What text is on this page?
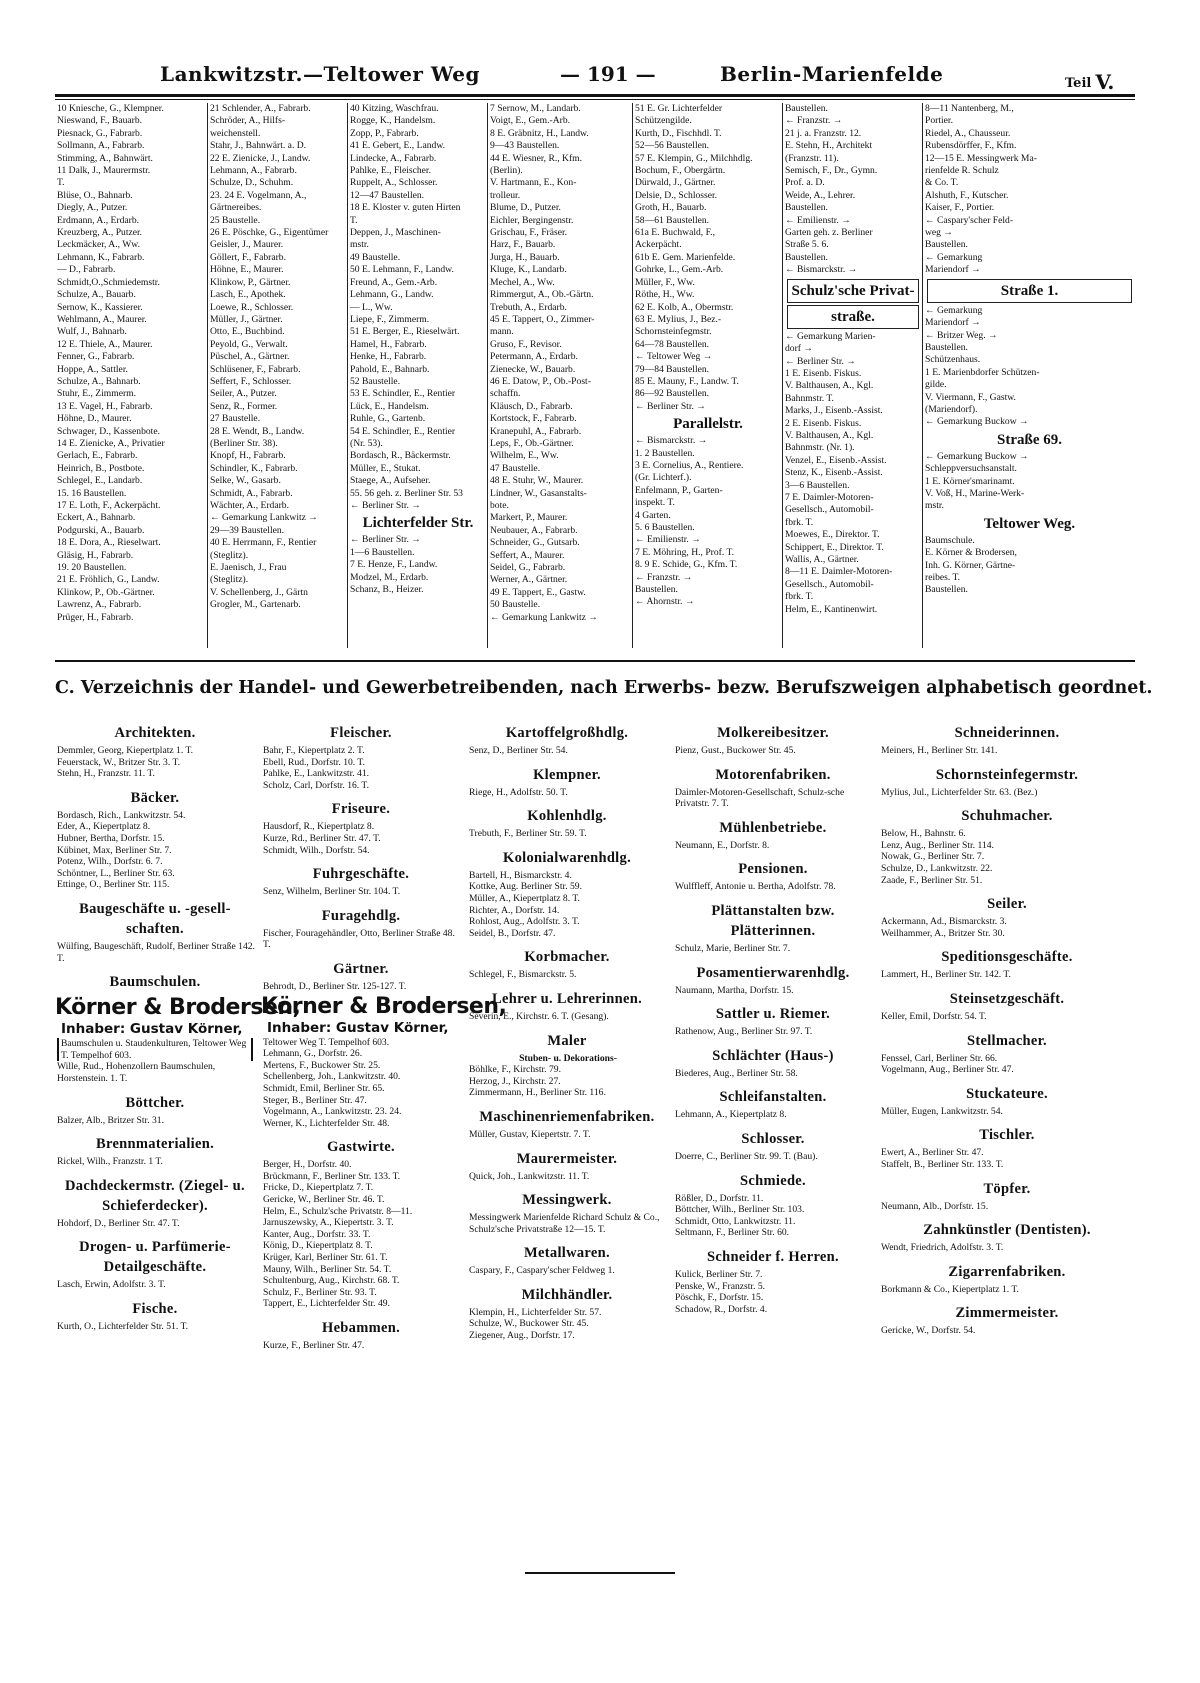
Lankwitzstr.—Teltower Weg	— 191 —	Berlin-Marienfelde	Teil V.
10 Kniesche, G., Klempner.
Nieswand, F., Bauarb.
Piesnack, G., Fabrarb.
Sollmann, A., Fabrarb.
Stimming, A., Bahnwärt.
11 Dalk, J., Maurermstr.
T.
Blüse, O., Bahnarb.
Diegly, A., Putzer.
Erdmann, A., Erdarb.
Kreuzberg, A., Putzer.
Leckmäcker, A., Ww.
Lehmann, K., Fabrarb.
— D., Fabrarb.
Schmidt,O.,Schmiedemstr.
Schulze, A., Bauarb.
Sernow, K., Kassierer.
Wehlmann, A., Maurer.
Wulf, J., Bahnarb.
12 E. Thiele, A., Maurer.
Fenner, G., Fabrarb.
Hoppe, A., Sattler.
Schulze, A., Bahnarb.
Stuhr, E., Zimmerm.
13 E. Vagel, H., Fabrarb.
Höhne, D., Maurer.
Schwager, D., Kassenbote.
14 E. Zienicke, A., Privatier
Gerlach, E., Fabrarb.
Heinrich, B., Postbote.
Schlegel, E., Landarb.
15. 16 Baustellen.
17 E. Loth, F., Ackerpächt.
Eckert, A., Bahnarb.
Podgurski, A., Bauarb.
18 E. Dora, A., Rieselwart.
Gläsig, H., Fabrarb.
19. 20 Baustellen.
21 E. Fröhlich, G., Landw.
Klinkow, P., Ob.-Gärtner.
Lawrenz, A., Fabrarb.
Prüger, H., Fabrarb.
21 Schlender, A., Fabrarb.
Schröder, A., Hilfs-
weichenstell.
Stahr, J., Bahnwärt. a. D.
22 E. Zienicke, J., Landw.
Lehmann, A., Fabrarb.
Schulze, D., Schuhm.
23. 24 E. Vogelmann, A.,
Gärtnereibes.
25 Baustelle.
26 E. Pöschke, G., Eigentümer
Geisler, J., Maurer.
Göllert, F., Fabrarb.
Höhne, E., Maurer.
Klinkow, P., Gärtner.
Lasch, E., Apothek.
Loewe, R., Schlosser.
Müller, J., Gärtner.
Otto, E., Buchbind.
Peyold, G., Verwalt.
Püschel, A., Gärtner.
Schlüsener, F., Fabrarb.
Seffert, F., Schlosser.
Seiler, A., Putzer.
Senz, R., Former.
27 Baustelle.
28 E. Wendt, B., Landw.
(Berliner Str. 38).
Knopf, H., Fabrarb.
Schindler, K., Fabrarb.
Selke, W., Gasarb.
Schmidt, A., Fabrarb.
Wächter, A., Erdarb.
← Gemarkung Lankwitz →
29—39 Baustellen.
40 E. Herrmann, F., Rentier
(Steglitz).
E. Jaenisch, J., Frau
(Steglitz).
V. Schellenberg, J., Gärtn
Grogler, M., Gartenarb.
40 Kitzing, Waschfrau.
Rogge, K., Handelsm.
Zopp, P., Fabrarb.
41 E. Gebert, E., Landw.
Lindecke, A., Fabrarb.
Pahlke, E., Fleischer.
Ruppelt, A., Schlosser.
12—47 Baustellen.
18 E. Kloster v. guten Hirten
T.
Deppen, J., Maschinen-
mstr.
49 Baustelle.
50 E. Lehmann, F., Landw.
Freund, A., Gem.-Arb.
Lehmann, G., Landw.
— L., Ww.
Liepe, F., Zimmerm.
51 E. Berger, E., Rieselwärt.
Hamel, H., Fabrarb.
Henke, H., Fabrarb.
Pahold, E., Bahnarb.
52 Baustelle.
53 E. Schindler, E., Rentier
Lück, E., Handelsm.
Ruhle, G., Gartenb.
54 E. Schindler, E., Rentier
(Nr. 53).
Bordasch, R., Bäckermstr.
Müller, E., Stukat.
Staege, A., Aufseher.
55. 56 geh. z. Berliner Str. 53
← Berliner Str. →
Lichterfelder Str.
← Berliner Str. →
1—6 Baustellen.
7 E. Henze, F., Landw.
Modzel, M., Erdarb.
Schanz, B., Heizer.
7 Sernow, M., Landarb.
Voigt, E., Gem.-Arb.
8 E. Gräbnitz, H., Landw.
9—43 Baustellen.
44 E. Wiesner, R., Kfm.
(Berlin).
V. Hartmann, E., Kon-
trolleur.
Blume, D., Putzer.
Eichler, Bergingenstr.
Grischau, F., Fräser.
Harz, F., Bauarb.
Jurga, H., Bauarb.
Kluge, K., Landarb.
Mechel, A., Ww.
Rimmergut, A., Ob.-Gärtn.
Trebuth, A., Erdarb.
45 E. Tappert, O., Zimmer-
mann.
Gruso, F., Revisor.
Petermann, A., Erdarb.
Zienecke, W., Bauarb.
46 E. Datow, P., Ob.-Post-
schaffn.
Kläusch, D., Fabrarb.
Kortstock, F., Fabrarb.
Kranepuhl, A., Fabrarb.
Leps, F., Ob.-Gärtner.
Wilhelm, E., Ww.
47 Baustelle.
48 E. Stuhr, W., Maurer.
Lindner, W., Gasanstalts-
bote.
Markert, P., Maurer.
Neubauer, A., Fabrarb.
Schneider, G., Gutsarb.
Seffert, A., Maurer.
Seidel, G., Fabrarb.
Werner, A., Gärtner.
49 E. Tappert, E., Gastw.
50 Baustelle.
← Gemarkung Lankwitz →
51 E. Gr. Lichterfelder
Schützengilde.
Kurth, D., Fischhdl. T.
52—56 Baustellen.
57 E. Klempin, G., Milchhdlg.
Bochum, F., Obergärtn.
Dürwald, J., Gärtner.
Delsie, D., Schlosser.
Groth, H., Bauarb.
58—61 Baustellen.
61a E. Buchwald, F.,
Ackerpächt.
61b E. Gem. Marienfelde.
Gohrke, L., Gem.-Arb.
Müller, F., Ww.
Röthe, H., Ww.
62 E. Kolb, A., Obermstr.
63 E. Mylius, J., Bez.-
Schornsteinfegmstr.
64—78 Baustellen.
← Teltower Weg →
79—84 Baustellen.
85 E. Mauny, F., Landw. T.
86—92 Baustellen.
← Berliner Str. →
Parallelstr.
← Bismarckstr. →
1. 2 Baustellen.
3 E. Cornelius, A., Rentiere.
(Gr. Lichterf.).
Enfelmann, P., Garten-
inspekt. T.
4 Garten.
5. 6 Baustellen.
← Emilienstr. →
7 E. Möhring, H., Prof. T.
8. 9 E. Schide, G., Kfm. T.
← Franzstr. →
Baustellen.
← Ahornstr. →
Baustellen.
← Franzstr. →
21 j. a. Franzstr. 12.
E. Stehn, H., Architekt
(Franzstr. 11).
Semisch, F., Dr., Gymn.
Prof. a. D.
Weide, A., Lehrer.
Baustellen.
← Emilienstr. →
Garten geh. z. Berliner
Straße 5. 6.
Baustellen.
← Bismarckstr. →
Schulz'sche Privat-
straße.
← Gemarkung Marien-
dorf →
← Berliner Str. →
1 E. Eisenb. Fiskus.
V. Balthausen, A., Kgl.
Bahnmstr. T.
Marks, J., Eisenb.-Assist.
2 E. Eisenb. Fiskus.
V. Balthausen, A., Kgl.
Bahnmstr. (Nr. 1).
Venzel, E., Eisenb.-Assist.
Stenz, K., Eisenb.-Assist.
3—6 Baustellen.
7 E. Daimler-Motoren-
Gesellsch., Automobil-
fbrk. T.
Moewes, E., Direktor. T.
Schippert, E., Direktor. T.
Wallis, A., Gärtner.
8—11 E. Daimler-Motoren-
Gesellsch., Automobil-
fbrk. T.
Helm, E., Kantinenwirt.
8—11 Nantenberg, M.,
Portier.
Riedel, A., Chausseur.
Rubensdörffer, F., Kfm.
12—15 E. Messingwerk Ma-
rienfelde R. Schulz
& Co. T.
Alshuth, F., Kutscher.
Kaiser, F., Portier.
← Caspary'scher Feld-
weg →
Baustellen.
← Gemarkung
Mariendorf →
Straße 1.
← Gemarkung
Mariendorf →
← Britzer Weg. →
Baustellen.
Schützenhaus.
1 E. Marienbdorfer Schützen-
gilde.
V. Viermann, F., Gastw.
(Mariendorf).
← Gemarkung Buckow →
Straße 69.
← Gemarkung Buckow →
Schleppversuchsanstalt.
1 E. Körner'smarinamt.
V. Voß, H., Marine-Werk-
mstr.
Teltower Weg.
Baumschule.
E. Körner & Brodersen,
Inh. G. Körner, Gärtne-
reibes. T.
Baustellen.
C. Verzeichnis der Handel- und Gewerbetreibenden, nach Erwerbs- bezw. Berufszweigen alphabetisch geordnet.
Architekten.
Demmler, Georg, Kiepertplatz 1. T.
Feuerstack, W., Britzer Str. 3. T.
Stehn, H., Franzstr. 11. T.
Bäcker.
Bordasch, Rich., Lankwitzstr. 54.
Eder, A., Kiepertplatz 8.
Hubner, Bertha, Dorfstr. 15.
Kübinet, Max, Berliner Str. 7.
Potenz, Wilh., Dorfstr. 6. 7.
Schöntner, L., Berliner Str. 63.
Ettinge, O., Berliner Str. 115.
Baugeschäfte u. -gesell-
schaften.
Wülfing, Baugeschäft, Rudolf, Berliner Straße 142. T.
Baumschulen.
Körner & Brodersen,
Inhaber: Gustav Körner,
Baumschulen u. Staudenkulturen, Teltower Weg T. Tempelhof 603.
Wille, Rud., Hohenzollern Baumschulen, Horstenstein. 1. T.
Böttcher.
Balzer, Alb., Britzer Str. 31.
Brennmaterialien.
Rickel, Wilh., Franzstr. 1 T.
Dachdeckermstr. (Ziegel- u.
Schieferdecker).
Hohdorf, D., Berliner Str. 47. T.
Drogen- u. Parfümerie-
Detailgeschäfte.
Lasch, Erwin, Adolfstr. 3. T.
Fische.
Kurth, O., Lichterfelder Str. 51. T.
Fleischer.
Bahr, F., Kiepertplatz 2. T.
Ebell, Rud., Dorfstr. 10. T.
Pahlke, E., Lankwitzstr. 41.
Scholz, Carl, Dorfstr. 16. T.
Friseure.
Hausdorf, R., Kiepertplatz 8.
Kurze, Rd., Berliner Str. 47. T.
Schmidt, Wilh., Dorfstr. 54.
Fuhrgeschäfte.
Senz, Wilhelm, Berliner Str. 104. T.
Furagehdlg.
Fischer, Fouragehändler, Otto, Berliner Straße 48. T.
Gärtner.
Behrodt, D., Berliner Str. 125-127. T.
Körner & Brodersen,
Inhaber: Gustav Körner,
Teltower Weg T. Tempelhof 603.
Lehmann, G., Dorfstr. 26.
Mertens, F., Buckower Str. 25.
Schellenberg, Joh., Lankwitzstr. 40.
Schmidt, Emil, Berliner Str. 65.
Steger, B., Berliner Str. 47.
Vogelmann, A., Lankwitzstr. 23. 24.
Werner, K., Lichterfelder Str. 48.
Gastwirte.
Berger, H., Dorfstr. 40.
Brückmann, F., Berliner Str. 133. T.
Fricke, D., Kiepertplatz 7. T.
Gericke, W., Berliner Str. 46. T.
Helm, E., Schulz'sche Privatstr. 8—11.
Jarnuszewsky, A., Kiepertstr. 3. T.
Kanter, Aug., Dorfstr. 33. T.
König, D., Kiepertplatz 8. T.
Krüger, Karl, Berliner Str. 61. T.
Mauny, Wilh., Berliner Str. 54. T.
Schultenburg, Aug., Kirchstr. 68. T.
Schulz, F., Berliner Str. 93. T.
Tappert, E., Lichterfelder Str. 49.
Hebammen.
Kurze, F., Berliner Str. 47.
Kartoffelgroßhdlg.
Senz, D., Berliner Str. 54.
Klempner.
Riege, H., Adolfstr. 50. T.
Kohlenhdlg.
Trebuth, F., Berliner Str. 59. T.
Kolonialwarenhdlg.
Bartell, H., Bismarckstr. 4.
Kottke, Aug. Berliner Str. 59.
Müller, A., Kiepertplatz 8. T.
Richter, A., Dorfstr. 14.
Rohlost, Aug., Adolfstr. 3. T.
Seidel, B., Dorfstr. 47.
Korbmacher.
Schlegel, F., Bismarckstr. 5.
Lehrer u. Lehrerinnen.
Severin, E., Kirchstr. 6. T. (Gesang).
Maler
Stuben- u. Dekorations-
Böhlke, F., Kirchstr. 79.
Herzog, J., Kirchstr. 27.
Zimmermann, H., Berliner Str. 116.
Maschinenriemenfabriken.
Müller, Gustav, Kiepertstr. 7. T.
Maurermeister.
Quick, Joh., Lankwitzstr. 11. T.
Messingwerk.
Messingwerk Marienfelde Richard Schulz & Co., Schulz'sche Privatstraße 12—15. T.
Metallwaren.
Caspary, F., Caspary'scher Feldweg 1.
Milchhändler.
Klempin, H., Lichterfelder Str. 57.
Schulze, W., Buckower Str. 45.
Ziegener, Aug., Dorfstr. 17.
Molkereibesitzer.
Pienz, Gust., Buckower Str. 45.
Motorenfabriken.
Daimler-Motoren-Gesellschaft, Schulz-sche Privatstr. 7. T.
Mühlenbetriebe.
Neumann, E., Dorfstr. 8.
Pensionen.
Wulffleff, Antonie u. Bertha, Adolfstr. 78.
Plättanstalten bzw.
Plätterinnen.
Schulz, Marie, Berliner Str. 7.
Posamentierwarenhdlg.
Naumann, Martha, Dorfstr. 15.
Sattler u. Riemer.
Rathenow, Aug., Berliner Str. 97. T.
Schlächter (Haus-)
Biederes, Aug., Berliner Str. 58.
Schleifanstalten.
Lehmann, A., Kiepertplatz 8.
Schlosser.
Doerre, C., Berliner Str. 99. T. (Bau).
Schmiede.
Rößler, D., Dorfstr. 11.
Böttcher, Wilh., Berliner Str. 103.
Schmidt, Otto, Lankwitzstr. 11.
Seltmann, F., Berliner Str. 60.
Schneider f. Herren.
Kulick, Berliner Str. 7.
Penske, W., Franzstr. 5.
Pöschk, F., Dorfstr. 15.
Schadow, R., Dorfstr. 4.
Schneiderinnen.
Meiners, H., Berliner Str. 141.
Schornsteinfegermstr.
Mylius, Jul., Lichterfelder Str. 63. (Bez.)
Schuhmacher.
Below, H., Bahnstr. 6.
Lenz, Aug., Berliner Str. 114.
Nowak, G., Berliner Str. 7.
Schulze, D., Lankwitzstr. 22.
Zaade, F., Berliner Str. 51.
Seiler.
Ackermann, Ad., Bismarckstr. 3.
Weilhammer, A., Britzer Str. 30.
Speditionsgeschäfte.
Lammert, H., Berliner Str. 142. T.
Steinsetzgeschäft.
Keller, Emil, Dorfstr. 54. T.
Stellmacher.
Fenssel, Carl, Berliner Str. 66.
Vogelmann, Aug., Berliner Str. 47.
Stuckateure.
Müller, Eugen, Lankwitzstr. 54.
Tischler.
Ewert, A., Berliner Str. 47.
Staffelt, B., Berliner Str. 133. T.
Töpfer.
Neumann, Alb., Dorfstr. 15.
Zahnkünstler (Dentisten).
Wendt, Friedrich, Adolfstr. 3. T.
Zigarrenfabriken.
Borkmann & Co., Kiepertplatz 1. T.
Zimmermeister.
Gericke, W., Dorfstr. 54.
